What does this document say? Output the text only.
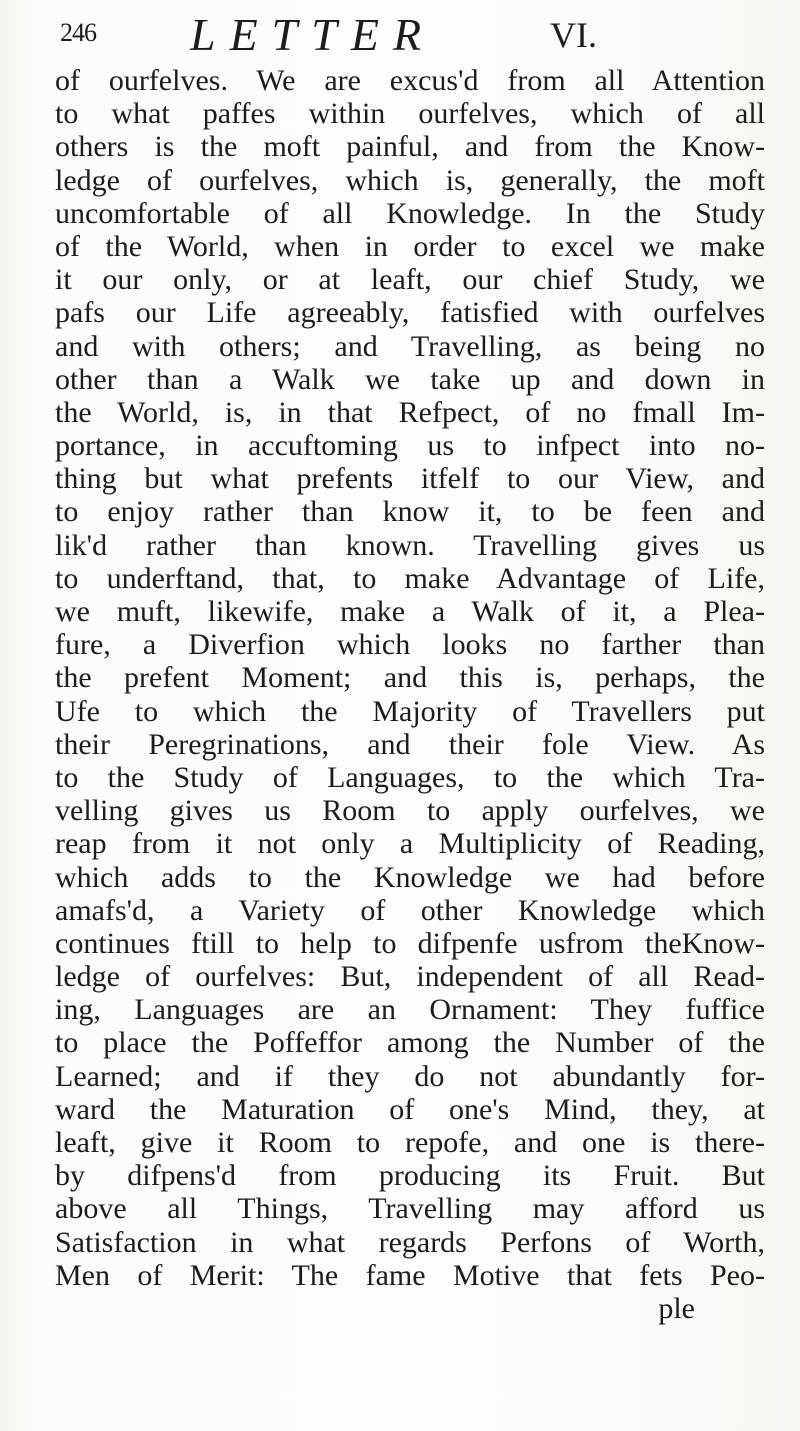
246 LETTER	VI.
of ourfelves. We are excus'd from all Attention
to what paffes within ourfelves, which of all
others is the moft painful, and from the Know-
ledge of ourfelves, which is, generally, the moft
uncomfortable of all Knowledge. In the Study
of the World, when in order to excel we make
it our only, or at leaft, our chief Study, we
pafs our Life agreeably, fatisfied with ourfelves
and with others; and Travelling, as being no
other than a Walk we take up and down in
the World, is, in that Refpect, of no fmall Im-
portance, in accuftoming us to infpect into no-
thing but what prefents itfelf to our View, and
to enjoy rather than know it, to be feen and
lik'd rather than known. Travelling gives us
to underftand, that, to make Advantage of Life,
we muft, likewife, make a Walk of it, a Plea-
fure, a Diverfion which looks no farther than
the prefent Moment; and this is, perhaps, the
Ufe to which the Majority of Travellers put
their Peregrinations, and their fole View. As
to the Study of Languages, to the which Tra-
velling gives us Room to apply ourfelves, we
reap from it not only a Multiplicity of Reading,
which adds to the Knowledge we had before
amafs'd, a Variety of other Knowledge which
continues ftill to help to difpenfe usfrom theKnow-
ledge of ourfelves: But, independent of all Read-
ing, Languages are an Ornament: They fuffice
to place the Poffeffor among the Number of the
Learned; and if they do not abundantly for-
ward the Maturation of one's Mind, they, at
leaft, give it Room to repofe, and one is there-
by difpens'd from producing its Fruit. But
above all Things, Travelling may afford us
Satisfaction in what regards Perfons of Worth,
Men of Merit: The fame Motive that fets Peo-
ple
